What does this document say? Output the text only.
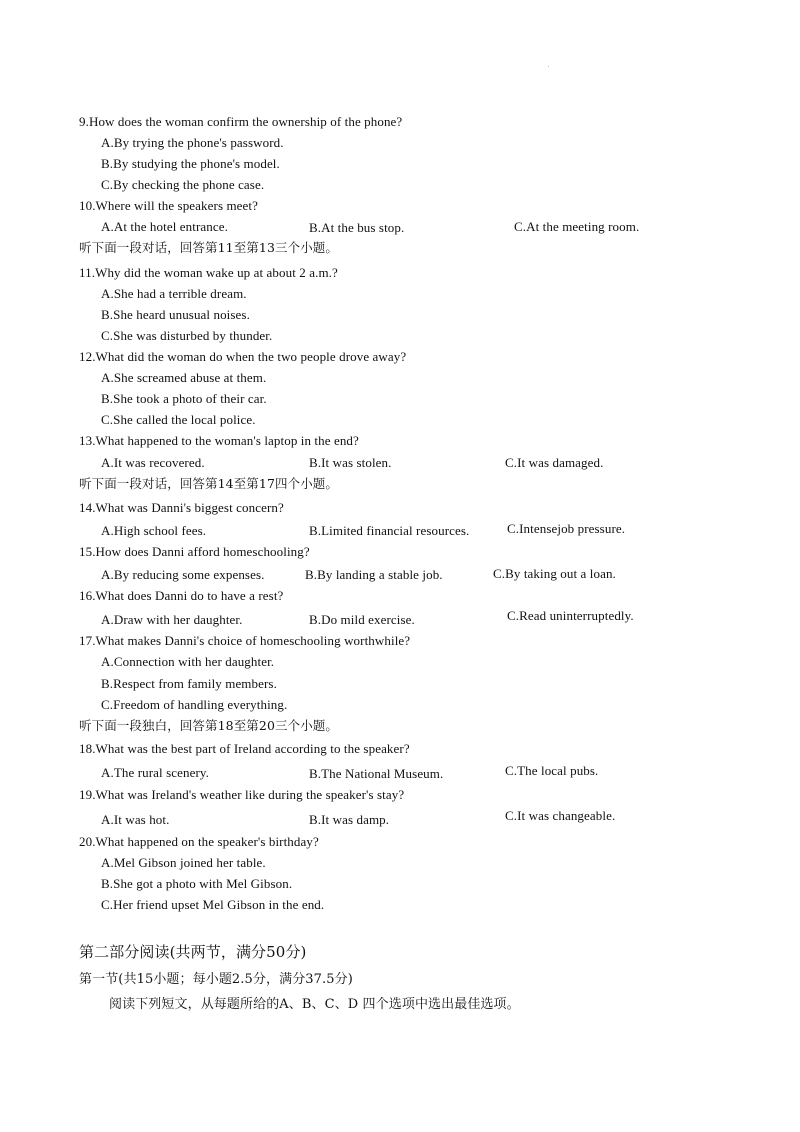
9.How does the woman confirm the ownership of the phone?
A.By trying the phone's password.
B.By studying the phone's model.
C.By checking the phone case.
10.Where will the speakers meet?
A.At the hotel entrance.	B.At the bus stop.	C.At the meeting room.
听下面一段对话，回答第11至第13三个小题。
11.Why did the woman wake up at about 2 a.m.?
A.She had a terrible dream.
B.She heard unusual noises.
C.She was disturbed by thunder.
12.What did the woman do when the two people drove away?
A.She screamed abuse at them.
B.She took a photo of their car.
C.She called the local police.
13.What happened to the woman's laptop in the end?
A.It was recovered.	B.It was stolen.	C.It was damaged.
听下面一段对话，回答第14至第17四个小题。
14.What was Danni's biggest concern?
A.High school fees.	B.Limited financial resources.	C.Intensejob pressure.
15.How does Danni afford homeschooling?
A.By reducing some expenses.	B.By landing a stable job.	C.By taking out a loan.
16.What does Danni do to have a rest?
A.Draw with her daughter.	B.Do mild exercise.	C.Read uninterruptedly.
17.What makes Danni's choice of homeschooling worthwhile?
A.Connection with her daughter.
B.Respect from family members.
C.Freedom of handling everything.
听下面一段独白，回答第18至第20三个小题。
18.What was the best part of Ireland according to the speaker?
A.The rural scenery.	B.The National Museum.	C.The local pubs.
19.What was Ireland's weather like during the speaker's stay?
A.It was hot.	B.It was damp.	C.It was changeable.
20.What happened on the speaker's birthday?
A.Mel Gibson joined her table.
B.She got a photo with Mel Gibson.
C.Her friend upset Mel Gibson in the end.
第二部分阅读(共两节，满分50分)
第一节(共15小题；每小题2.5分，满分37.5分)
阅读下列短文，从每题所给的A、B、C、D 四个选项中选出最佳选项。
